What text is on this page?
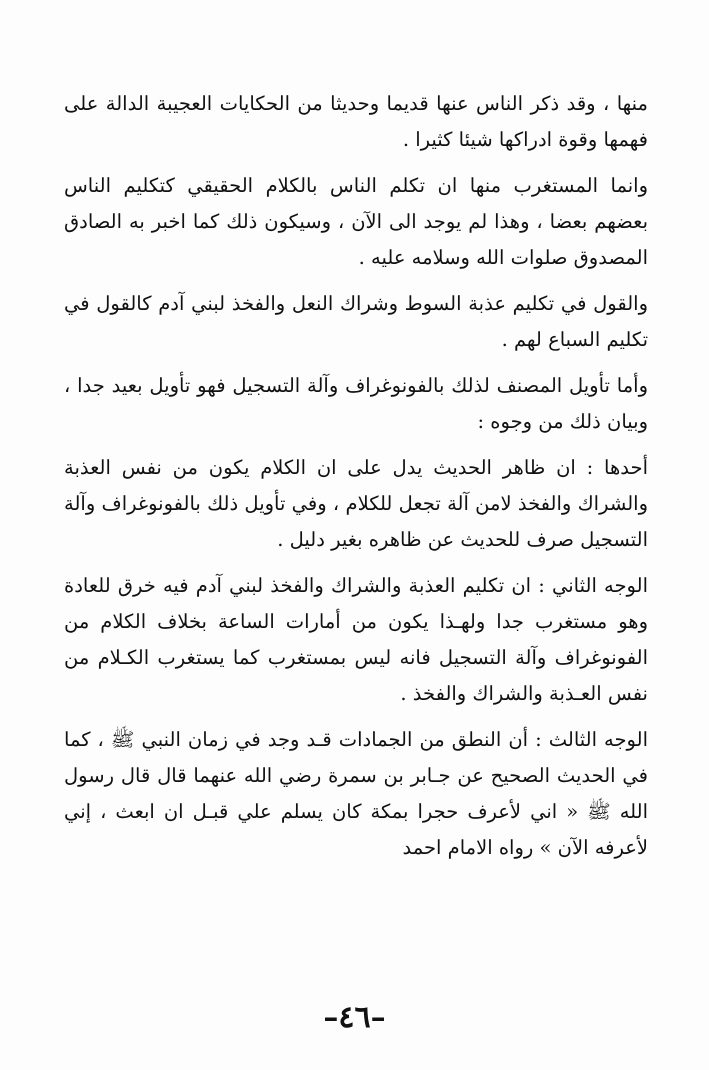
منها ، وقد ذكر الناس عنها قديما وحديثا من الحكايات العجيبة الدالة على فهمها وقوة ادراكها شيئا كثيرا .

وانما المستغرب منها ان تكلم الناس بالكلام الحقيقي كتكليم الناس بعضهم بعضا ، وهذا لم يوجد الى الآن ، وسيكون ذلك كما اخبر به الصادق المصدوق صلوات الله وسلامه عليه .

والقول في تكليم عذبة السوط وشراك النعل والفخذ لبني آدم كالقول في تكليم السباع لهم .

وأما تأويل المصنف لذلك بالفونوغراف وآلة التسجيل فهو تأويل بعيد جدا ، وبيان ذلك من وجوه :

أحدها : ان ظاهر الحديث يدل على ان الكلام يكون من نفس العذبة والشراك والفخذ لامن آلة تجعل للكلام ، وفي تأويل ذلك بالفونوغراف وآلة التسجيل صرف للحديث عن ظاهره بغير دليل .

الوجه الثاني : ان تكليم العذبة والشراك والفخذ لبني آدم فيه خرق للعادة وهو مستغرب جدا ولهـذا يكون من أمارات الساعة بخلاف الكلام من الفونوغراف وآلة التسجيل فانه ليس بمستغرب كما يستغرب الكـلام من نفس العـذبة والشراك والفخذ .

الوجه الثالث : أن النطق من الجمادات قـد وجد في زمان النبي ﷺ ، كما في الحديث الصحيح عن جـابر بن سمرة رضي الله عنهما قال قال رسول الله ﷺ « اني لأعرف حجرا بمكة كان يسلم علي قبـل ان ابعث ، إني لأعرفه الآن » رواه الامام احمد

–٤٦–
